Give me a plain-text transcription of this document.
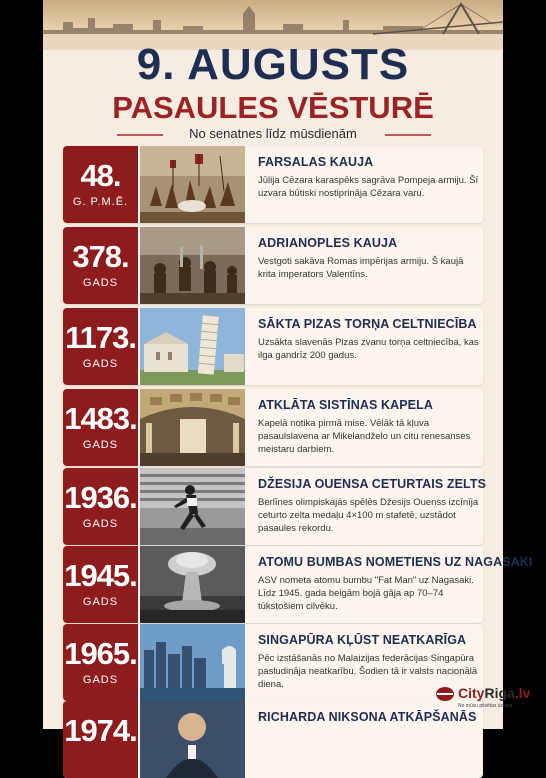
9. AUGUSTS
PASAULES VĒSTURĒ
No senatnes līdz mūsdienām
48.
G. P.M.Ē.
FARSALAS KAUJA
Jūlija Cēzara karaspēks sagrāva Pompeja armiju. Šī uzvara būtiski nostiprināja Cēzara varu.
378.
GADS
ADRIANOPLES KAUJA
Vestgoti sakāva Romas impērijas armiju. Š kaujā krita imperators Valentīns.
1173.
GADS
SĀKTA PIZAS TORŅA CELTNIECĪBA
Uzsākta slavenās Pizas zvanu torņa celtniecība, kas ilga gandrīz 200 gadus.
1483.
GADS
ATKLĀTA SISTĪNAS KAPELA
Kapelā notika pirmā mise. Vēlāk tā kļuva pasaulslavena ar Mikelandželo un citu renesanses meistaru darbiem.
1936.
GADS
DŽESIJA OUENSA CETURTAIS ZELTS
Berlīnes olimpiskajās spēlēs Džesijs Ouenss izcīnīja ceturto zelta medaļu 4×100 m stafetē, uzstādot pasaules rekordu.
1945.
GADS
ATOMU BUMBAS NOMETIENS UZ NAGASAKI
ASV nometa atomu bumbu "Fat Man" uz Nagasaki. Līdz 1945. gada beigām bojā gāja ap 70–74 tūkstošiem cilvēku.
1965.
GADS
SINGAPŪRA KĻŪST NEATKARĪGA
Pēc izstāšanās no Malaizijas federācijas Singapūra pasludināja neatkarību. Šodien tā ir valsts nacionālā diena.
1974.	RICHARDA NIKSONA ATKĀPŠANĀS
CityRiga.lv
No mūsu pilsētas dzīves
